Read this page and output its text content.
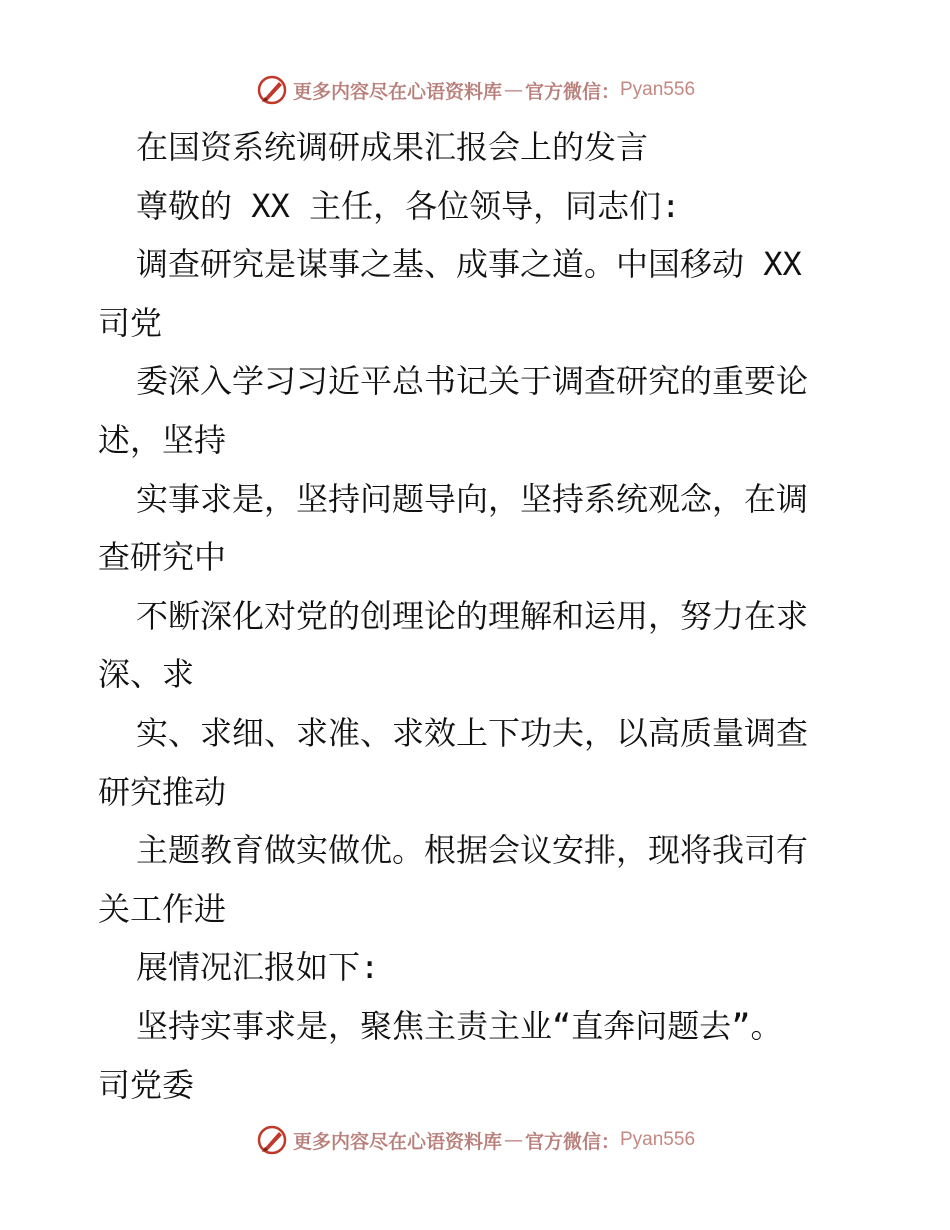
更多内容尽在心语资料库 — 官方微信： Pyan556
在国资系统调研成果汇报会上的发言
尊敬的 XX 主任，各位领导，同志们:
调查研究是谋事之基、成事之道。中国移动 XX
司党
委深入学习习近平总书记关于调查研究的重要论
述，坚持
实事求是，坚持问题导向，坚持系统观念，在调
查研究中
不断深化对党的创理论的理解和运用，努力在求
深、求
实、求细、求准、求效上下功夫，以高质量调查
研究推动
主题教育做实做优。根据会议安排，现将我司有
关工作进
展情况汇报如下:
坚持实事求是，聚焦主责主业“直奔问题去”。
司党委
更多内容尽在心语资料库 — 官方微信： Pyan556
